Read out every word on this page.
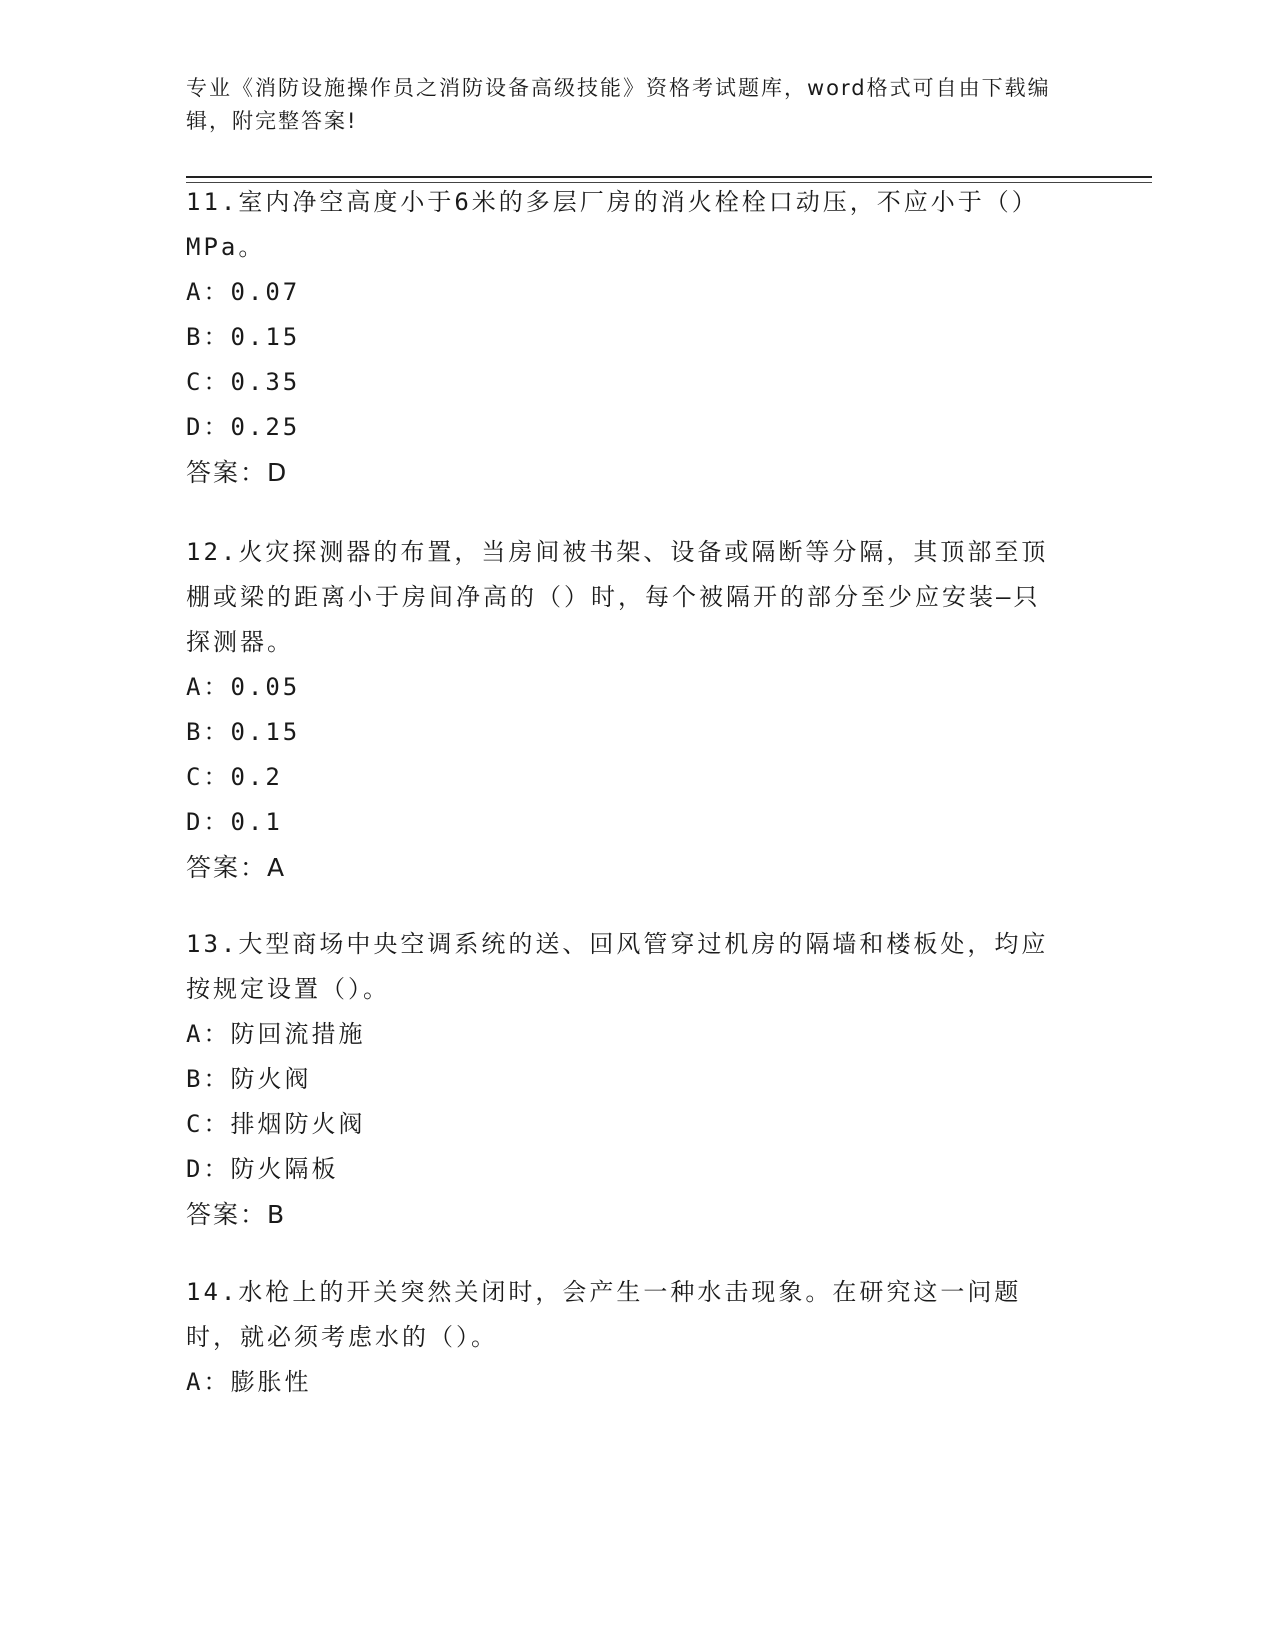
专业《消防设施操作员之消防设备高级技能》资格考试题库，word格式可自由下载编辑，附完整答案!

11.室内净空高度小于6米的多层厂房的消火栓栓口动压，不应小于（）MPa。

A：0.07

B：0.15

C：0.35

D：0.25

答案：D

12.火灾探测器的布置，当房间被书架、设备或隔断等分隔，其顶部至顶棚或梁的距离小于房间净高的（）时，每个被隔开的部分至少应安装—只探测器。

A：0.05

B：0.15

C：0.2

D：0.1

答案：A

13.大型商场中央空调系统的送、回风管穿过机房的隔墙和楼板处，均应按规定设置（）。

A：防回流措施

B：防火阀

C：排烟防火阀

D：防火隔板

答案：B

14.水枪上的开关突然关闭时，会产生一种水击现象。在研究这一问题时，就必须考虑水的（）。

A：膨胀性
